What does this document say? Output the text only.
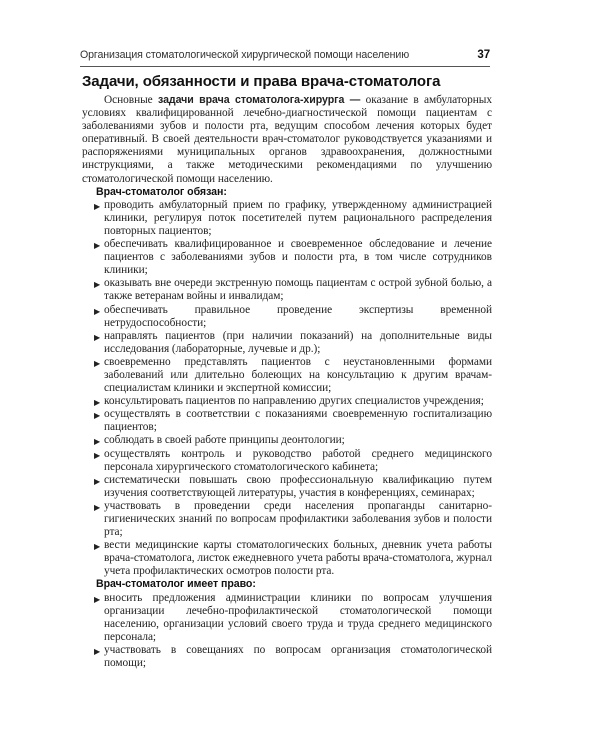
Организация стоматологической хирургической помощи населению	37
Задачи, обязанности и права врача-стоматолога

Основные задачи врача стоматолога-хирурга — оказание в амбулаторных условиях квалифицированной лечебно-диагностической помощи пациентам с заболеваниями зубов и полости рта, ведущим способом лечения которых будет оперативный. В своей деятельности врач-стоматолог руководствуется указаниями и распоряжениями муниципальных органов здравоохранения, должностными инструкциями, а также методическими рекомендациями по улучшению стоматологической помощи населению.

Врач-стоматолог обязан:

▶ проводить амбулаторный прием по графику, утвержденному администрацией клиники, регулируя поток посетителей путем рационального распределения повторных пациентов;
▶ обеспечивать квалифицированное и своевременное обследование и лечение пациентов с заболеваниями зубов и полости рта, в том числе сотрудников клиники;
▶ оказывать вне очереди экстренную помощь пациентам с острой зубной болью, а также ветеранам войны и инвалидам;
▶ обеспечивать правильное проведение экспертизы временной нетрудоспособности;
▶ направлять пациентов (при наличии показаний) на дополнительные виды исследования (лабораторные, лучевые и др.);
▶ своевременно представлять пациентов с неустановленными формами заболеваний или длительно болеющих на консультацию к другим врачам-специалистам клиники и экспертной комиссии;
▶ консультировать пациентов по направлению других специалистов учреждения;
▶ осуществлять в соответствии с показаниями своевременную госпитализацию пациентов;
▶ соблюдать в своей работе принципы деонтологии;
▶ осуществлять контроль и руководство работой среднего медицинского персонала хирургического стоматологического кабинета;
▶ систематически повышать свою профессиональную квалификацию путем изучения соответствующей литературы, участия в конференциях, семинарах;
▶ участвовать в проведении среди населения пропаганды санитарно-гигиенических знаний по вопросам профилактики заболевания зубов и полости рта;
▶ вести медицинские карты стоматологических больных, дневник учета работы врача-стоматолога, листок ежедневного учета работы врача-стоматолога, журнал учета профилактических осмотров полости рта.

Врач-стоматолог имеет право:

▶ вносить предложения администрации клиники по вопросам улучшения организации лечебно-профилактической стоматологической помощи населению, организации условий своего труда и труда среднего медицинского персонала;
▶ участвовать в совещаниях по вопросам организация стоматологической помощи;
